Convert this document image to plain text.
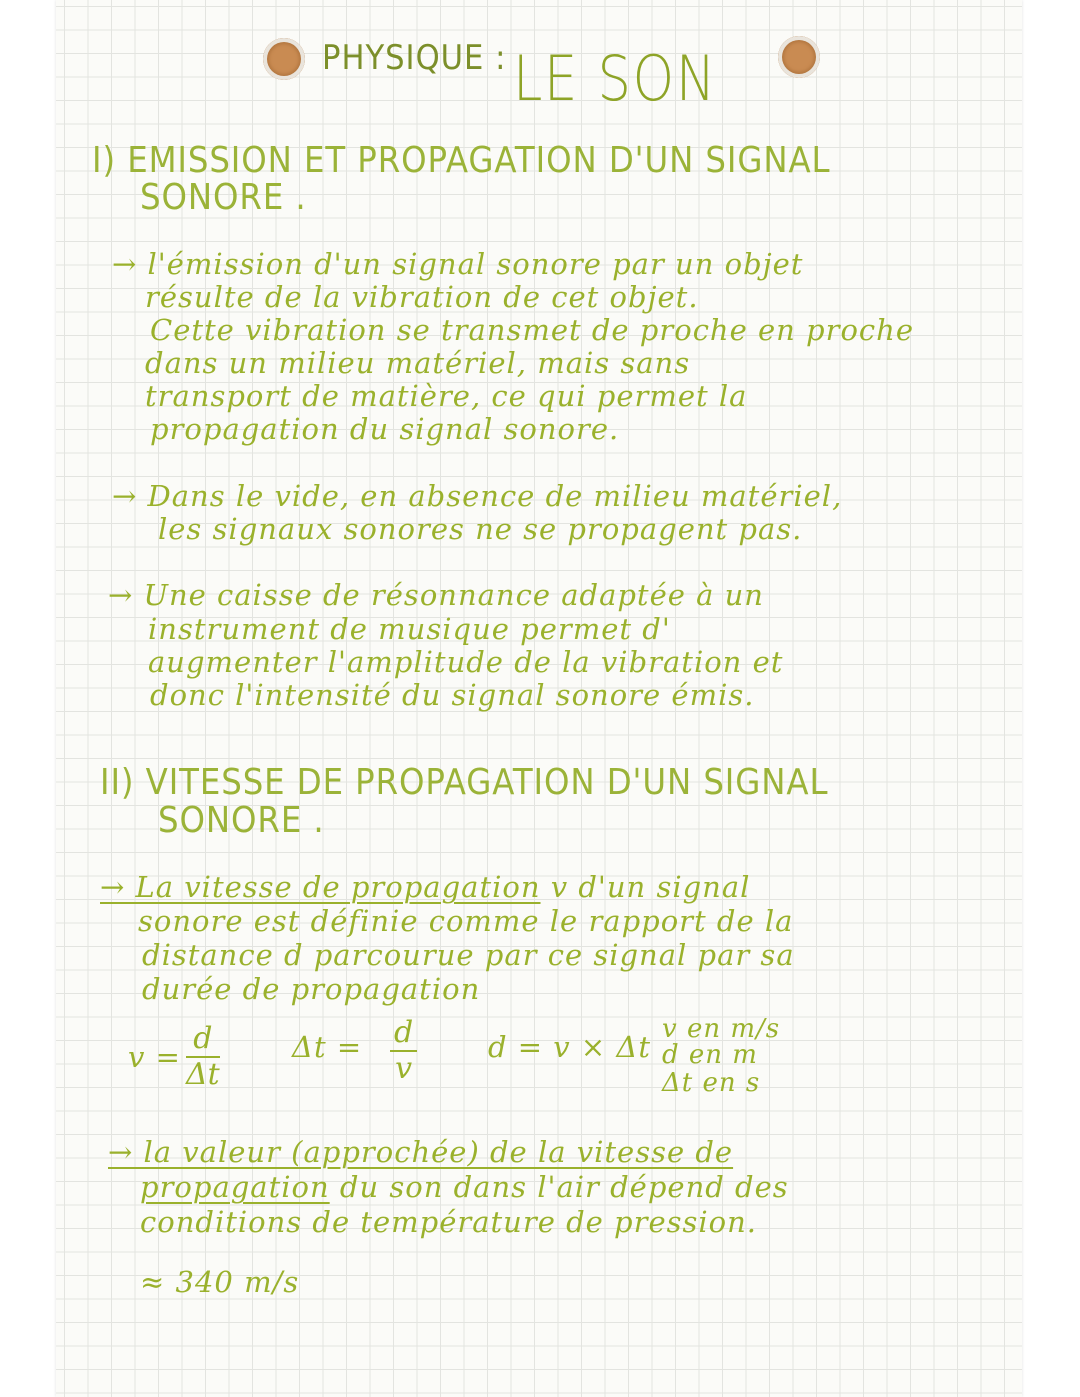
PHYSIQUE : LE SON
I) EMISSION ET PROPAGATION D'UN SIGNAL
SONORE .
→ l'émission d'un signal sonore par un objet
résulte de la vibration de cet objet.
Cette vibration se transmet de proche en proche
dans un milieu matériel, mais sans
transport de matière, ce qui permet la
propagation du signal sonore.
→ Dans le vide, en absence de milieu matériel,
les signaux sonores ne se propagent pas.
→ Une caisse de résonnance adaptée à un
instrument de musique permet d'
augmenter l'amplitude de la vibration et
donc l'intensité du signal sonore émis.
II) VITESSE DE PROPAGATION D'UN SIGNAL
SONORE .
→ La vitesse de propagation v d'un signal
sonore est définie comme le rapport de la
distance d parcourue par ce signal par sa
durée de propagation
$v = \frac{d}{\Delta t}$ $\Delta t = \frac{d}{v}$ d = v × Δt
v en m/s
d en m
Δt en s
→ la valeur (approchée) de la vitesse de
propagation du son dans l'air dépend des
conditions de température de pression.
≈ 340 m/s
